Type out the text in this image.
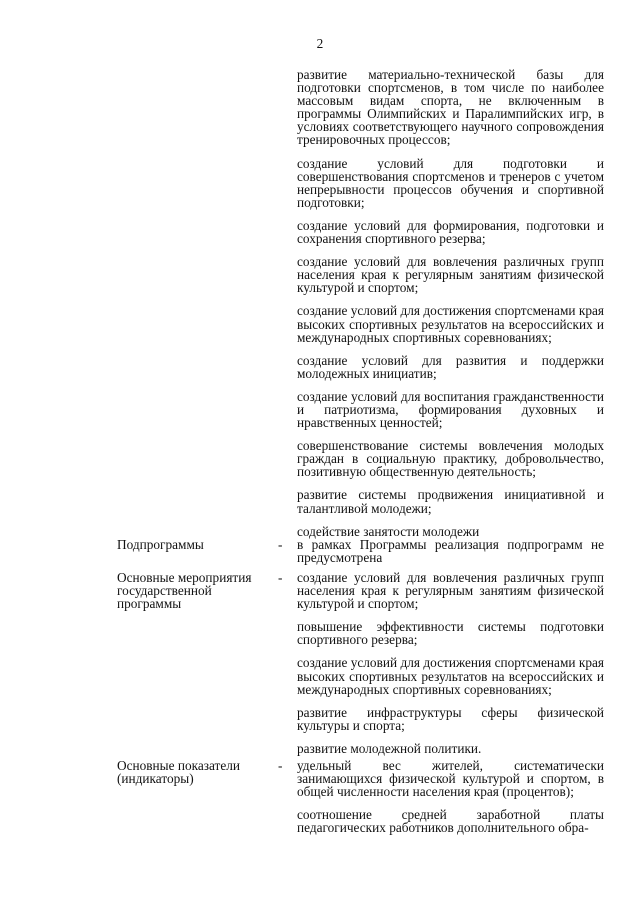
2

развитие материально-технической базы для подготовки спортсменов, в том числе по наиболее массовым видам спорта, не включенным в программы Олимпийских и Паралимпийских игр, в условиях соответствующего научного сопровождения тренировочных процессов;

создание условий для подготовки и совершенствования спортсменов и тренеров с учетом непрерывности процессов обучения и спортивной подготовки;

создание условий для формирования, подготовки и сохранения спортивного резерва;

создание условий для вовлечения различных групп населения края к регулярным занятиям физической культурой и спортом;

создание условий для достижения спортсменами края высоких спортивных результатов на всероссийских и международных спортивных соревнованиях;

создание условий для развития и поддержки молодежных инициатив;

создание условий для воспитания гражданственности и патриотизма, формирования духовных и нравственных ценностей;

совершенствование системы вовлечения молодых граждан в социальную практику, добровольчество, позитивную общественную деятельность;

развитие системы продвижения инициативной и талантливой молодежи;

содействие занятости молодежи

Подпрограммы	- в рамках Программы реализация подпрограмм не предусмотрена

Основные мероприятия государственной программы
- создание условий для вовлечения различных групп населения края к регулярным занятиям физической культурой и спортом;

повышение эффективности системы подготовки спортивного резерва;

создание условий для достижения спортсменами края высоких спортивных результатов на всероссийских и международных спортивных соревнованиях;

развитие инфраструктуры сферы физической культуры и спорта;

развитие молодежной политики.

Основные показатели (индикаторы)
- удельный вес жителей, систематически занимающихся физической культурой и спортом, в общей численности населения края (процентов);

соотношение средней заработной платы педагогических работников дополнительного обра-
